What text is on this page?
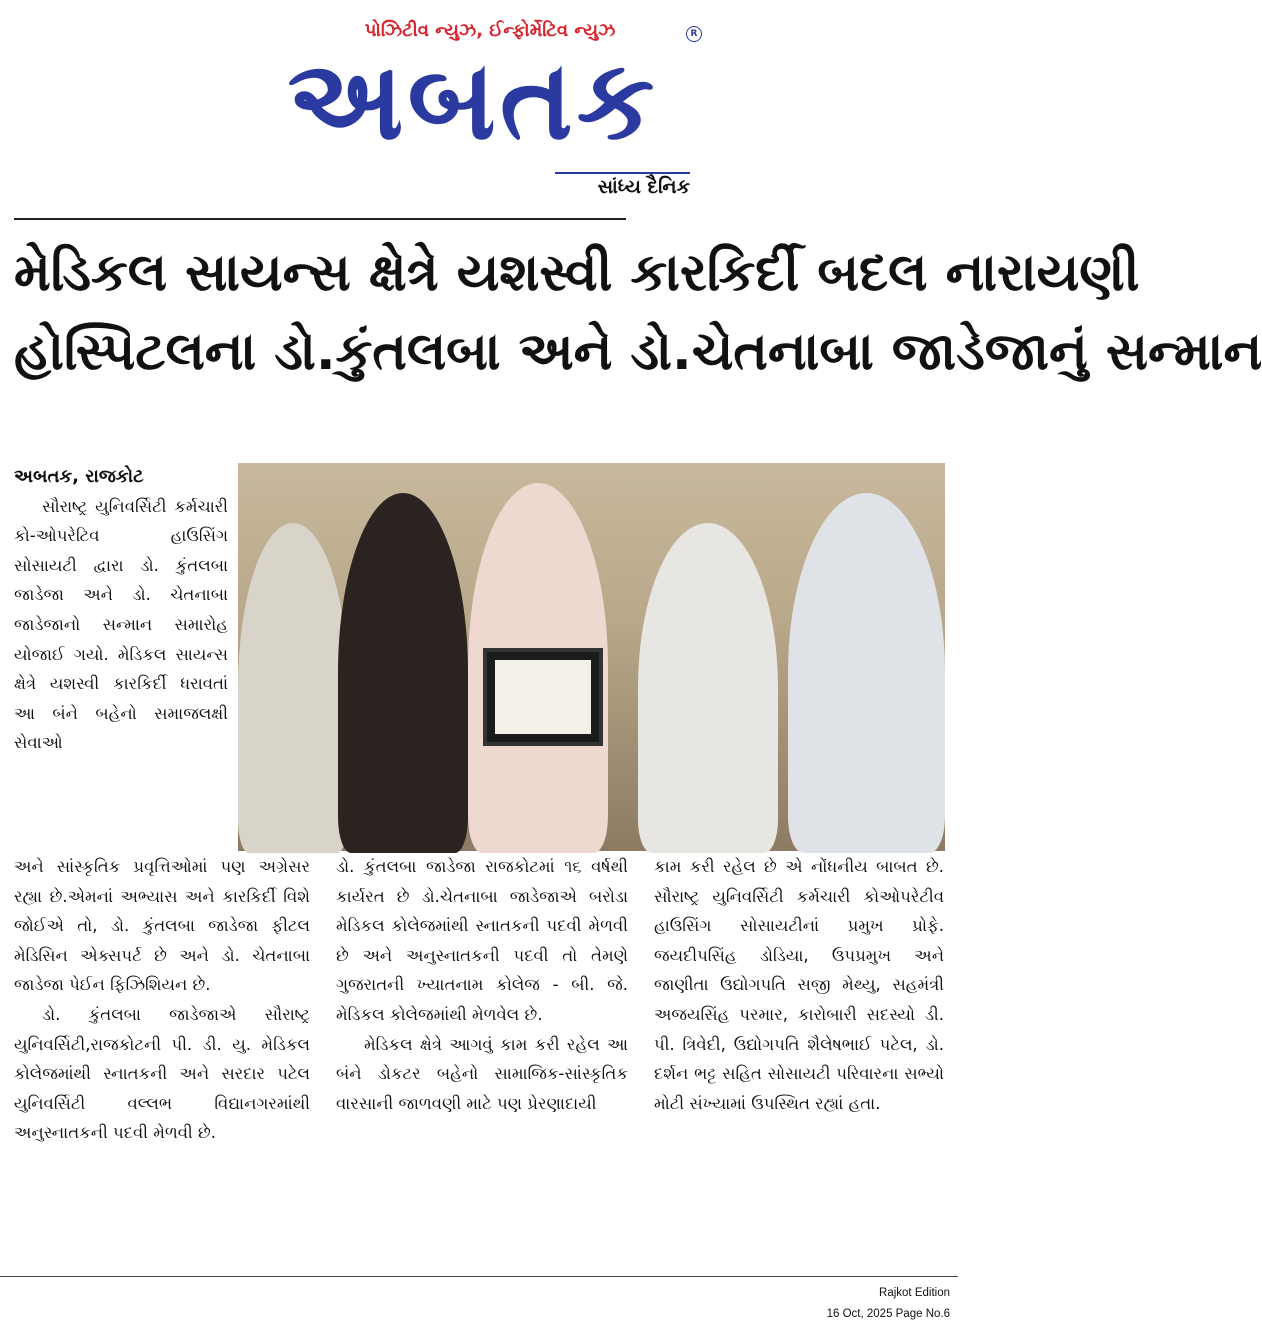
પોઝિટીવ ન્યુઝ, ઈન્ફોર્મેટિવ ન્યુઝ	R
અબતક
સાંધ્ય દૈનિક
મેડિકલ સાયન્સ ક્ષેત્રે યશસ્વી કારકિર્દી બદલ નારાયણી
હોસ્પિટલના ડો.કુંતલબા અને ડો.ચેતનાબા જાડેજાનું સન્માન

અબતક, રાજકોટ

સૌરાષ્ટ્ર યુનિવર્સિટી કર્મચારી કો-ઓપરેટિવ હાઉસિંગ સોસાયટી દ્વારા ડો. કુંતલબા જાડેજા અને ડો. ચેતનાબા જાડેજાનો સન્માન સમારોહ યોજાઈ ગયો. મેડિકલ સાયન્સ ક્ષેત્રે યશસ્વી કારકિર્દી ધરાવતાં આ બંને બહેનો સમાજલક્ષી સેવાઓ

અને સાંસ્કૃતિક પ્રવૃત્તિઓમાં પણ અગ્રેસર રહ્યા છે.એમનાં અભ્યાસ અને કારકિર્દી વિશે જોઈએ તો, ડો. કુંતલબા જાડેજા ફીટલ મેડિસિન એક્સપર્ટ છે અને ડો. ચેતનાબા જાડેજા પેઈન ફિઝિશિયન છે.

ડો. કુંતલબા જાડેજાએ સૌરાષ્ટ્ર યુનિવર્સિટી,રાજકોટની પી. ડી. યુ. મેડિકલ કોલેજમાંથી સ્નાતકની અને સરદાર પટેલ યુનિવર્સિટી વલ્લભ વિદ્યાનગરમાંથી અનુસ્નાતકની પદવી મેળવી છે.

ડો. કુંતલબા જાડેજા રાજકોટમાં ૧૬ વર્ષથી કાર્યરત છે ડો.ચેતનાબા જાડેજાએ બરોડા મેડિકલ કોલેજમાંથી સ્નાતકની પદવી મેળવી છે અને અનુસ્નાતકની પદવી તો તેમણે ગુજરાતની ખ્યાતનામ કોલેજ - બી. જે. મેડિકલ કોલેજમાંથી મેળવેલ છે.

મેડિકલ ક્ષેત્રે આગવું કામ કરી રહેલ આ બંને ડોકટર બહેનો સામાજિક-સાંસ્કૃતિક વારસાની જાળવણી માટે પણ પ્રેરણાદાયી

કામ કરી રહેલ છે એ નોંધનીય બાબત છે. સૌરાષ્ટ્ર યુનિવર્સિટી કર્મચારી કોઓપરેટીવ હાઉસિંગ સોસાયટીનાં પ્રમુખ પ્રોફે. જયદીપસિંહ ડોડિયા, ઉપપ્રમુખ અને જાણીતા ઉદ્યોગપતિ સજી મેથ્યુ, સહમંત્રી અજયસિંહ પરમાર, કારોબારી સદસ્યો ડી. પી. ત્રિવેદી, ઉદ્યોગપતિ શૈલેષભાઈ પટેલ, ડો. દર્શન ભટ્ટ સહિત સોસાયટી પરિવારના સભ્યો મોટી સંખ્યામાં ઉપસ્થિત રહ્યાં હતા.

Rajkot Edition
16 Oct, 2025 Page No.6
